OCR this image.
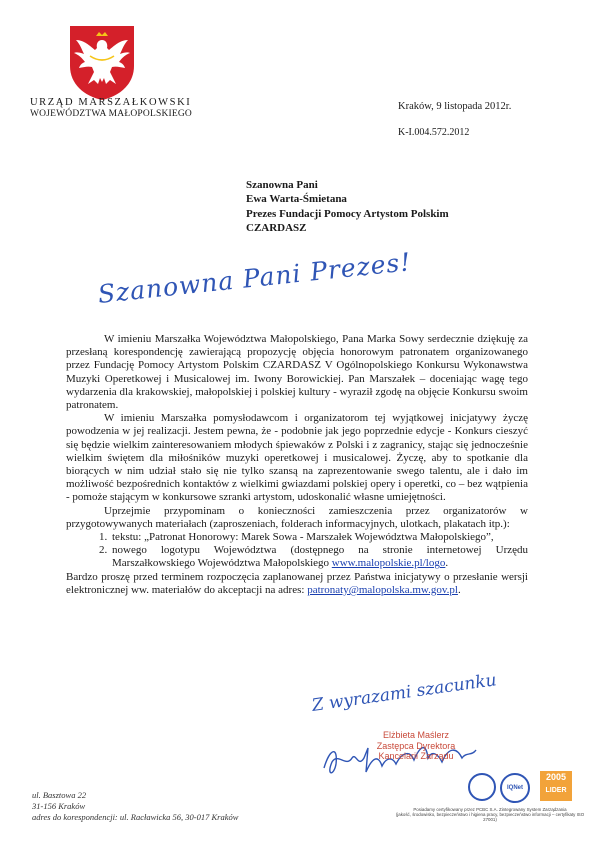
URZĄD MARSZAŁKOWSKI
WOJEWÓDZTWA MAŁOPOLSKIEGO
Kraków, 9 listopada 2012r.
K-I.004.572.2012
Szanowna Pani
Ewa Warta-Śmietana
Prezes Fundacji Pomocy Artystom Polskim
CZARDASZ
Szanowna Pani Prezes!

W imieniu Marszałka Województwa Małopolskiego, Pana Marka Sowy serdecznie dziękuję za przesłaną korespondencję zawierającą propozycję objęcia honorowym patronatem organizowanego przez Fundację Pomocy Artystom Polskim CZARDASZ V Ogólnopolskiego Konkursu Wykonawstwa Muzyki Operetkowej i Musicalowej im. Iwony Borowickiej. Pan Marszałek – doceniając wagę tego wydarzenia dla krakowskiej, małopolskiej i polskiej kultury - wyraził zgodę na objęcie Konkursu swoim patronatem.

W imieniu Marszałka pomysłodawcom i organizatorom tej wyjątkowej inicjatywy życzę powodzenia w jej realizacji. Jestem pewna, że - podobnie jak jego poprzednie edycje - Konkurs cieszyć się będzie wielkim zainteresowaniem młodych śpiewaków z Polski i z zagranicy, stając się jednocześnie wielkim świętem dla miłośników muzyki operetkowej i musicalowej. Życzę, aby to spotkanie dla biorących w nim udział stało się nie tylko szansą na zaprezentowanie swego talentu, ale i dało im możliwość bezpośrednich kontaktów z wielkimi gwiazdami polskiej opery i operetki, co – bez wątpienia - pomoże stającym w konkursowe szranki artystom, udoskonalić własne umiejętności.

Uprzejmie przypominam o konieczności zamieszczenia przez organizatorów w przygotowywanych materiałach (zaproszeniach, folderach informacyjnych, ulotkach, plakatach itp.):

1. tekstu: „Patronat Honorowy: Marek Sowa - Marszałek Województwa Małopolskiego”,
2. nowego logotypu Województwa (dostępnego na stronie internetowej Urzędu Marszałkowskiego Województwa Małopolskiego www.malopolskie.pl/logo.

Bardzo proszę przed terminem rozpoczęcia zaplanowanej przez Państwa inicjatywy o przesłanie wersji elektronicznej ww. materiałów do akceptacji na adres: patronaty@malopolska.mw.gov.pl.

Z wyrazami szacunku
Elżbieta Maślerz
Zastępca Dyrektora
Kancelarii Zarządu
ul. Basztowa 22
31-156 Kraków
adres do korespondencji: ul. Racławicka 56, 30-017 Kraków
IQNet
2005
LIDER
Posiadamy certyfikowany przez PCBC S.A. Zintegrowany System Zarządzania
(jakość, środowisko, bezpieczeństwo i higiena pracy, bezpieczeństwo informacji – certyfikaty ISO 27001)
